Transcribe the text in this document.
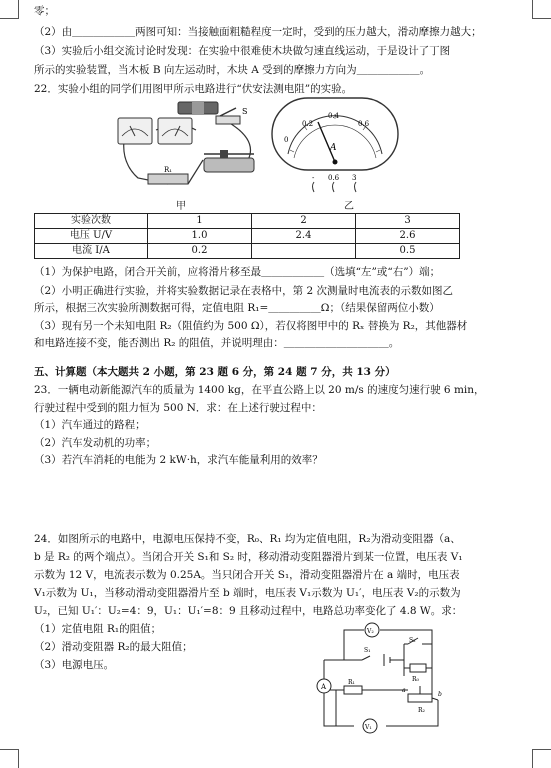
零；
（2）由＿＿＿＿＿＿两图可知：当接触面粗糙程度一定时，受到的压力越大，滑动摩擦力越大；
（3）实验后小组交流讨论时发现：在实验中很难使木块做匀速直线运动，于是设计了丁图
所示的实验装置，当木板 B 向左运动时，木块 A 受到的摩擦力方向为＿＿＿＿＿＿。
22．实验小组的同学们用图甲所示电路进行“伏安法测电阻”的实验。
S
R₁
甲
0
0.2
0.4
0.6
A
- 0.6 3
乙
实验次数	1	2	3
电压 U/V	1.0	2.4	2.6
电流 I/A	0.2		0.5
（1）为保护电路，闭合开关前，应将滑片移至最＿＿＿＿＿＿（选填“左”或“右”）端；
（2）小明正确进行实验，并将实验数据记录在表格中，第 2 次测量时电流表的示数如图乙
所示，根据三次实验所测数据可得，定值电阻 R₁=＿＿＿＿＿Ω；（结果保留两位小数）
（3）现有另一个未知电阻 R₂（阻值约为 500 Ω），若仅将图甲中的 Rₓ 替换为 R₂，其他器材
和电路连接不变，能否测出 R₂ 的阻值，并说明理由：＿＿＿＿＿＿＿＿＿＿。
五、计算题（本大题共 2 小题，第 23 题 6 分，第 24 题 7 分，共 13 分）
23．一辆电动新能源汽车的质量为 1400 kg，在平直公路上以 20 m/s 的速度匀速行驶 6 min，
行驶过程中受到的阻力恒为 500 N．求：在上述行驶过程中：
（1）汽车通过的路程；
（2）汽车发动机的功率；
（3）若汽车消耗的电能为 2 kW·h，求汽车能量利用的效率？
24．如图所示的电路中，电源电压保持不变，R₀、R₁ 均为定值电阻，R₂为滑动变阻器（a、
b 是 R₂ 的两个端点）。当闭合开关 S₁和 S₂ 时，移动滑动变阻器滑片到某一位置，电压表 V₁
示数为 12 V，电流表示数为 0.25A。当只闭合开关 S₁，滑动变阻器滑片在 a 端时，电压表
V₁示数为 U₁，当移动滑动变阻器滑片至 b 端时，电压表 V₁示数为 U₁′，电压表 V₂的示数为
U₂，已知 U₁′：U₂=4：9，U₁：U₁′=8：9 且移动过程中，电路总功率变化了 4.8 W。求：
（1）定值电阻 R₁的阻值；
（2）滑动变阻器 R₂的最大阻值；
（3）电源电压。
V₂
S₂
R₀
S₁
A
R₁
a
b
R₂
V₁
